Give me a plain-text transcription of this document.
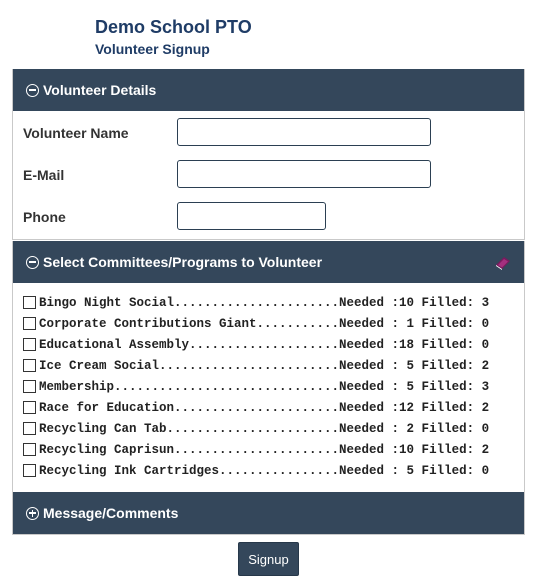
Demo School PTO
Volunteer Signup
Volunteer Details
Volunteer Name
E-Mail
Phone
Select Committees/Programs to Volunteer
Bingo Night Social......................Needed :10 Filled: 3
Corporate Contributions Giant...........Needed : 1 Filled: 0
Educational Assembly....................Needed :18 Filled: 0
Ice Cream Social........................Needed : 5 Filled: 2
Membership..............................Needed : 5 Filled: 3
Race for Education......................Needed :12 Filled: 2
Recycling Can Tab.......................Needed : 2 Filled: 0
Recycling Caprisun......................Needed :10 Filled: 2
Recycling Ink Cartridges................Needed : 5 Filled: 0
Message/Comments
Signup
